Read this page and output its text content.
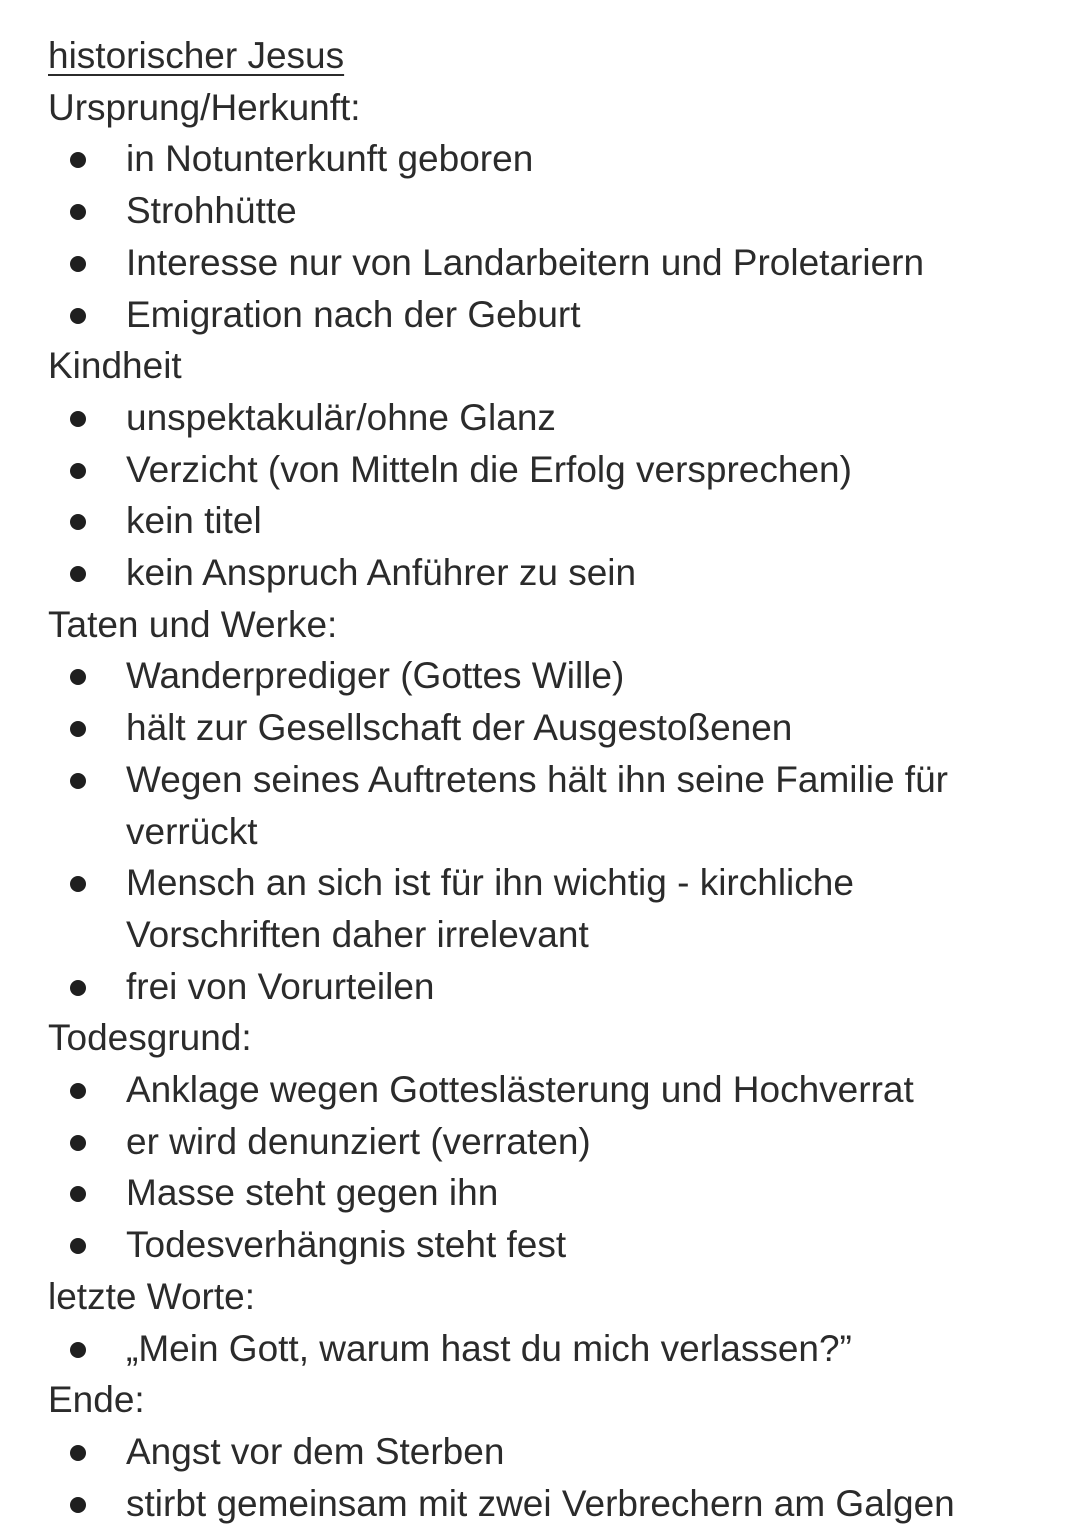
historischer Jesus
Ursprung/Herkunft:
in Notunterkunft geboren
Strohhütte
Interesse nur von Landarbeitern und Proletariern
Emigration nach der Geburt
Kindheit
unspektakulär/ohne Glanz
Verzicht (von Mitteln die Erfolg versprechen)
kein titel
kein Anspruch Anführer zu sein
Taten und Werke:
Wanderprediger (Gottes Wille)
hält zur Gesellschaft der Ausgestoßenen
Wegen seines Auftretens hält ihn seine Familie für verrückt
Mensch an sich ist für ihn wichtig - kirchliche Vorschriften daher irrelevant
frei von Vorurteilen
Todesgrund:
Anklage wegen Gotteslästerung und Hochverrat
er wird denunziert (verraten)
Masse steht gegen ihn
Todesverhängnis steht fest
letzte Worte:
„Mein Gott, warum hast du mich verlassen?”
Ende:
Angst vor dem Sterben
stirbt gemeinsam mit zwei Verbrechern am Galgen
